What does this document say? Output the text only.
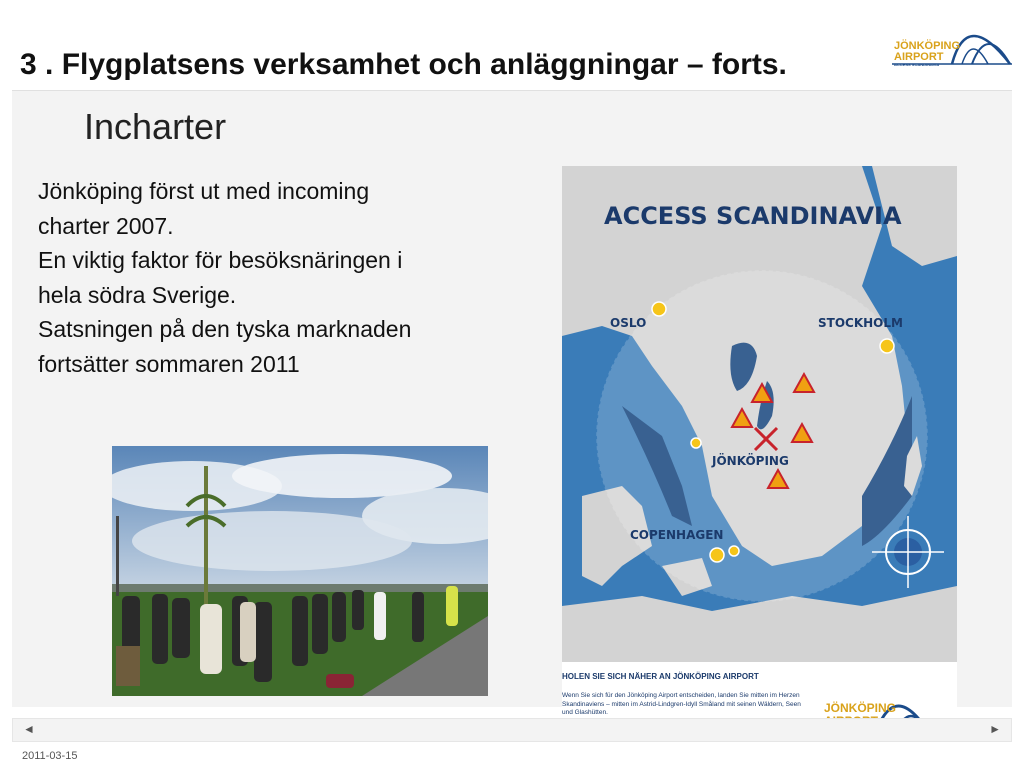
3 . Flygplatsens verksamhet och anläggningar – forts.
JÖNKÖPING
AIRPORT
ACCESS SCANDINAVIA
Incharter
Jönköping först ut med incoming
charter 2007.
En viktig faktor för besöksnäringen i
hela södra Sverige.
Satsningen på den tyska marknaden
fortsätter sommaren 2011
ACCESS SCANDINAVIA
OSLO	STOCKHOLM
JÖNKÖPING
COPENHAGEN
HOLEN SIE SICH NÄHER AN JÖNKÖPING AIRPORT
Wenn Sie sich für den Jönköping Airport entscheiden, landen Sie mitten im Herzen Skandinaviens – mitten im Astrid-Lindgren-Idyll Småland mit seinen Wäldern, Seen und Glashütten.	JÖNKÖPING
◄	►
2011-03-15
